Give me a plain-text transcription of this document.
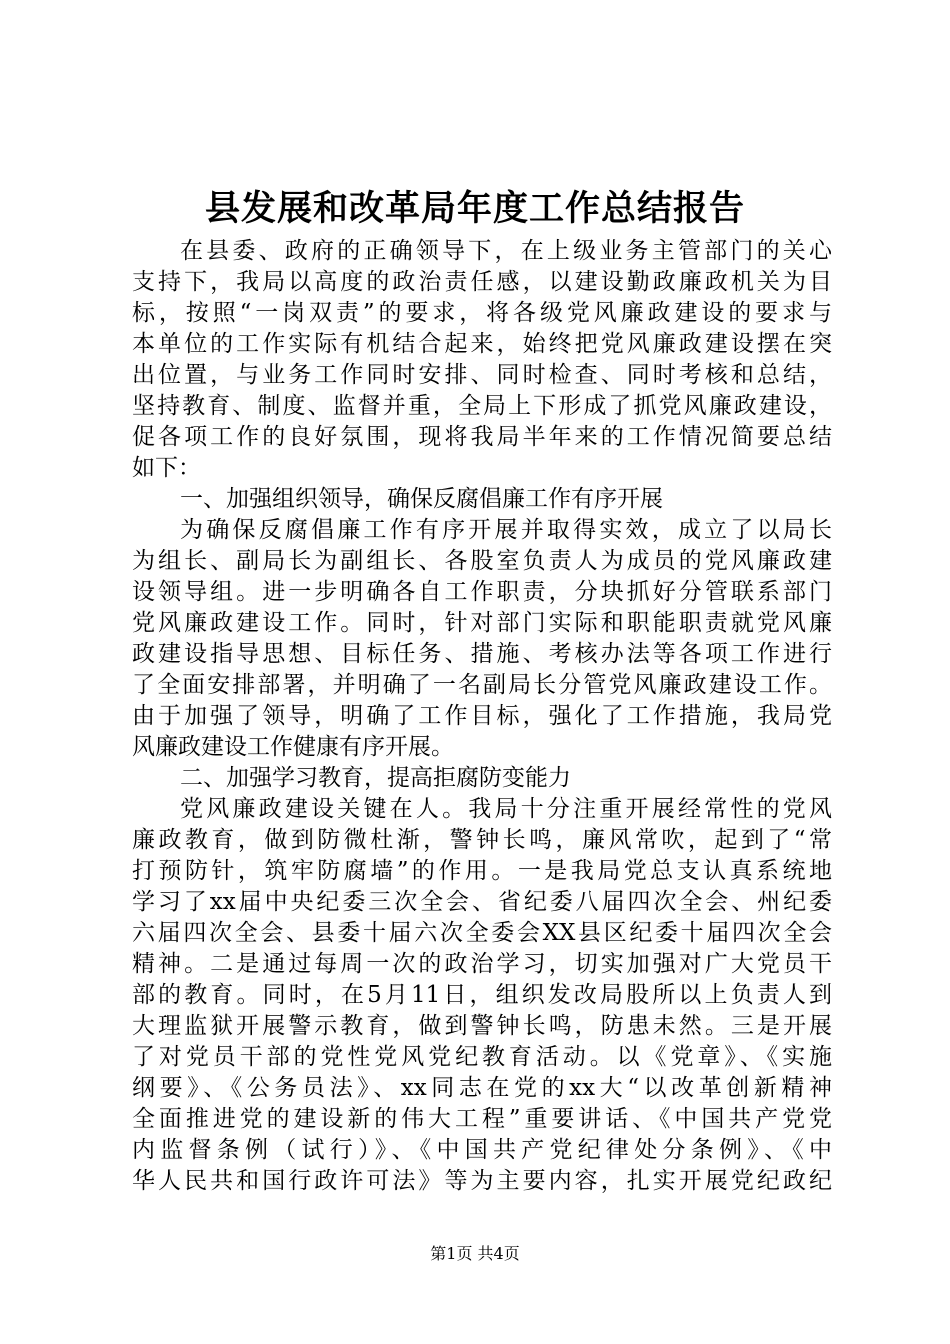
县发展和改革局年度工作总结报告
在县委、政府的正确领导下，在上级业务主管部门的关心
支持下，我局以高度的政治责任感，以建设勤政廉政机关为目
标，按照“一岗双责”的要求，将各级党风廉政建设的要求与
本单位的工作实际有机结合起来，始终把党风廉政建设摆在突
出位置，与业务工作同时安排、同时检查、同时考核和总结，
坚持教育、制度、监督并重，全局上下形成了抓党风廉政建设，
促各项工作的良好氛围，现将我局半年来的工作情况简要总结
如下：
一、加强组织领导，确保反腐倡廉工作有序开展
为确保反腐倡廉工作有序开展并取得实效，成立了以局长
为组长、副局长为副组长、各股室负责人为成员的党风廉政建
设领导组。进一步明确各自工作职责，分块抓好分管联系部门
党风廉政建设工作。同时，针对部门实际和职能职责就党风廉
政建设指导思想、目标任务、措施、考核办法等各项工作进行
了全面安排部署，并明确了一名副局长分管党风廉政建设工作。
由于加强了领导，明确了工作目标，强化了工作措施，我局党
风廉政建设工作健康有序开展。
二、加强学习教育，提高拒腐防变能力
党风廉政建设关键在人。我局十分注重开展经常性的党风
廉政教育，做到防微杜渐，警钟长鸣，廉风常吹，起到了“常
打预防针，筑牢防腐墙”的作用。一是我局党总支认真系统地
学习了xx届中央纪委三次全会、省纪委八届四次全会、州纪委
六届四次全会、县委十届六次全委会XX县区纪委十届四次全会
精神。二是通过每周一次的政治学习，切实加强对广大党员干
部的教育。同时，在5月11日，组织发改局股所以上负责人到
大理监狱开展警示教育，做到警钟长鸣，防患未然。三是开展
了对党员干部的党性党风党纪教育活动。以《党章》、《实施
纲要》、《公务员法》、xx同志在党的xx大“以改革创新精神
全面推进党的建设新的伟大工程”重要讲话、《中国共产党党
内监督条例（试行）》、《中国共产党纪律处分条例》、《中
华人民共和国行政许可法》等为主要内容，扎实开展党纪政纪
第1页 共4页
